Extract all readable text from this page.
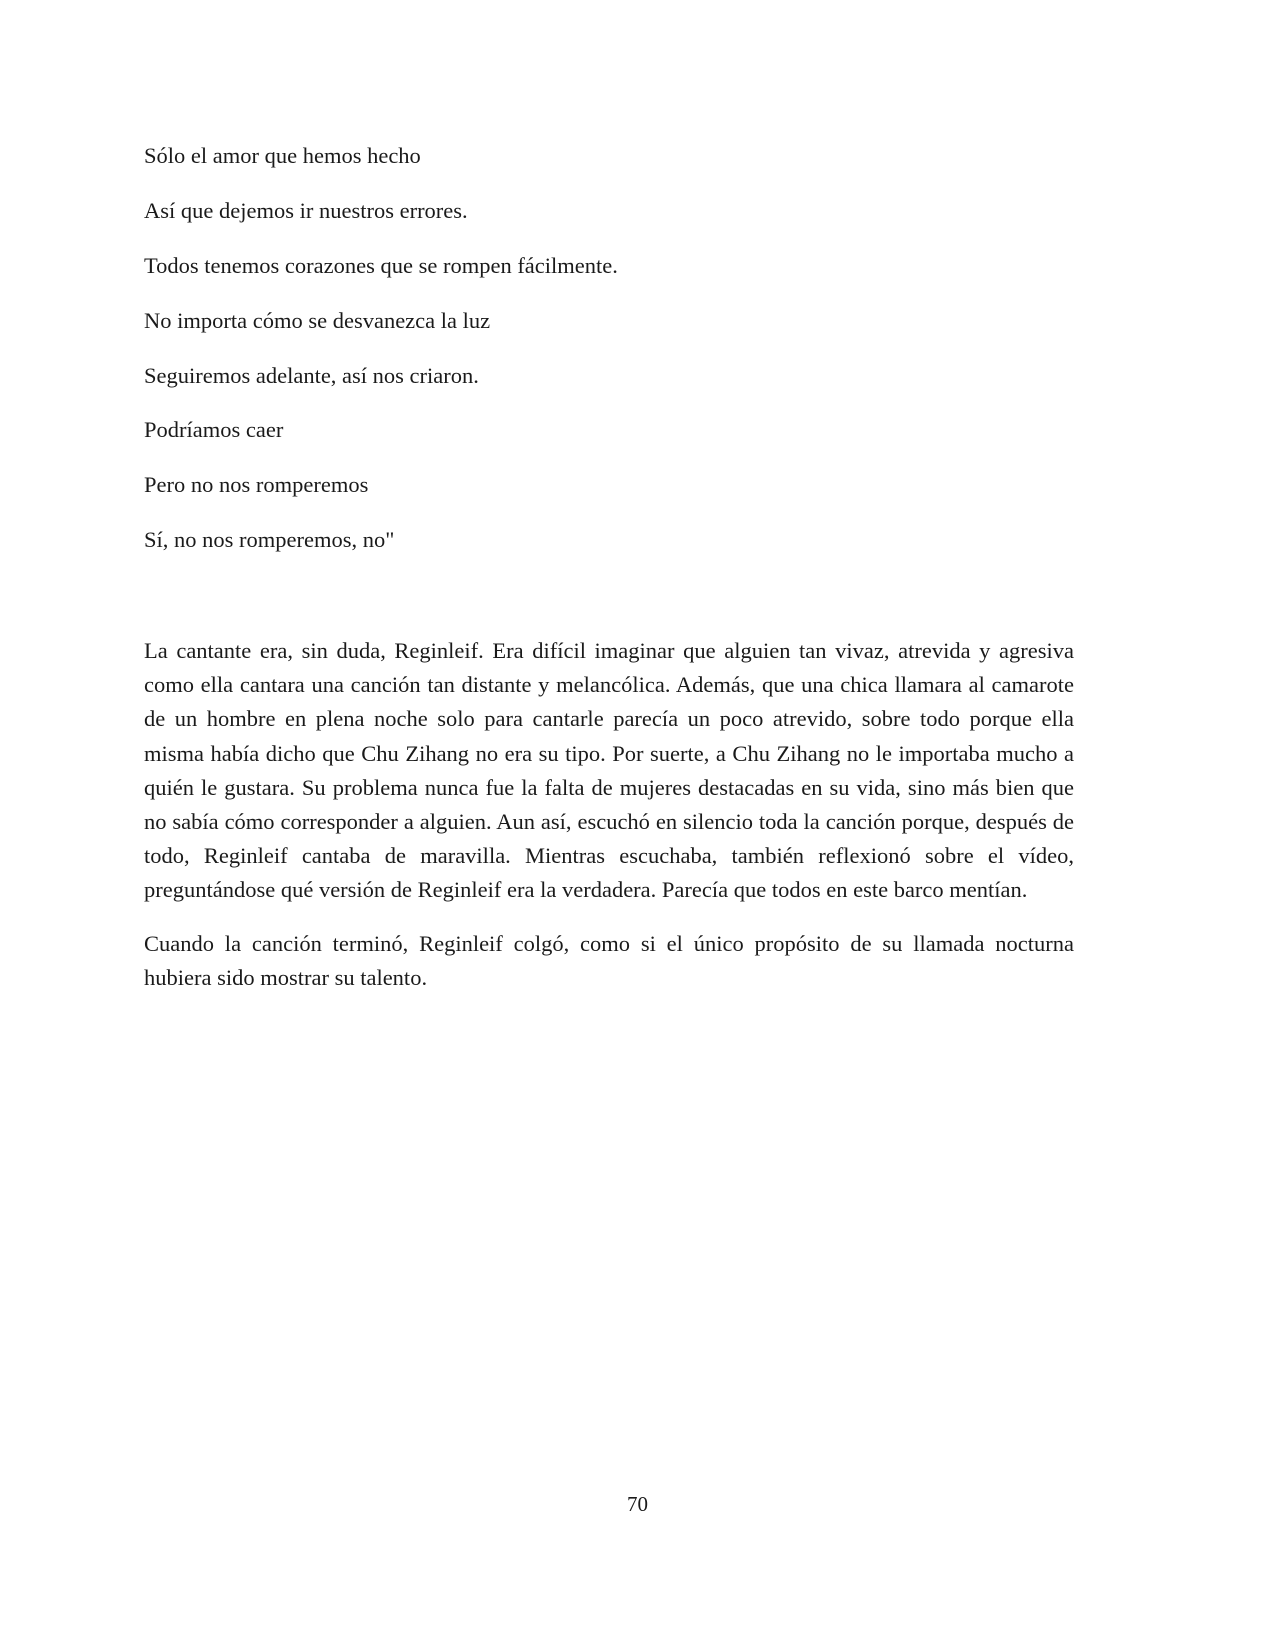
Sólo el amor que hemos hecho

Así que dejemos ir nuestros errores.

Todos tenemos corazones que se rompen fácilmente.

No importa cómo se desvanezca la luz

Seguiremos adelante, así nos criaron.

Podríamos caer

Pero no nos romperemos

Sí, no nos romperemos, no"

La cantante era, sin duda, Reginleif. Era difícil imaginar que alguien tan vivaz, atrevida y agresiva como ella cantara una canción tan distante y melancólica. Además, que una chica llamara al camarote de un hombre en plena noche solo para cantarle parecía un poco atrevido, sobre todo porque ella misma había dicho que Chu Zihang no era su tipo. Por suerte, a Chu Zihang no le importaba mucho a quién le gustara. Su problema nunca fue la falta de mujeres destacadas en su vida, sino más bien que no sabía cómo corresponder a alguien. Aun así, escuchó en silencio toda la canción porque, después de todo, Reginleif cantaba de maravilla. Mientras escuchaba, también reflexionó sobre el vídeo, preguntándose qué versión de Reginleif era la verdadera. Parecía que todos en este barco mentían.

Cuando la canción terminó, Reginleif colgó, como si el único propósito de su llamada nocturna hubiera sido mostrar su talento.

70
